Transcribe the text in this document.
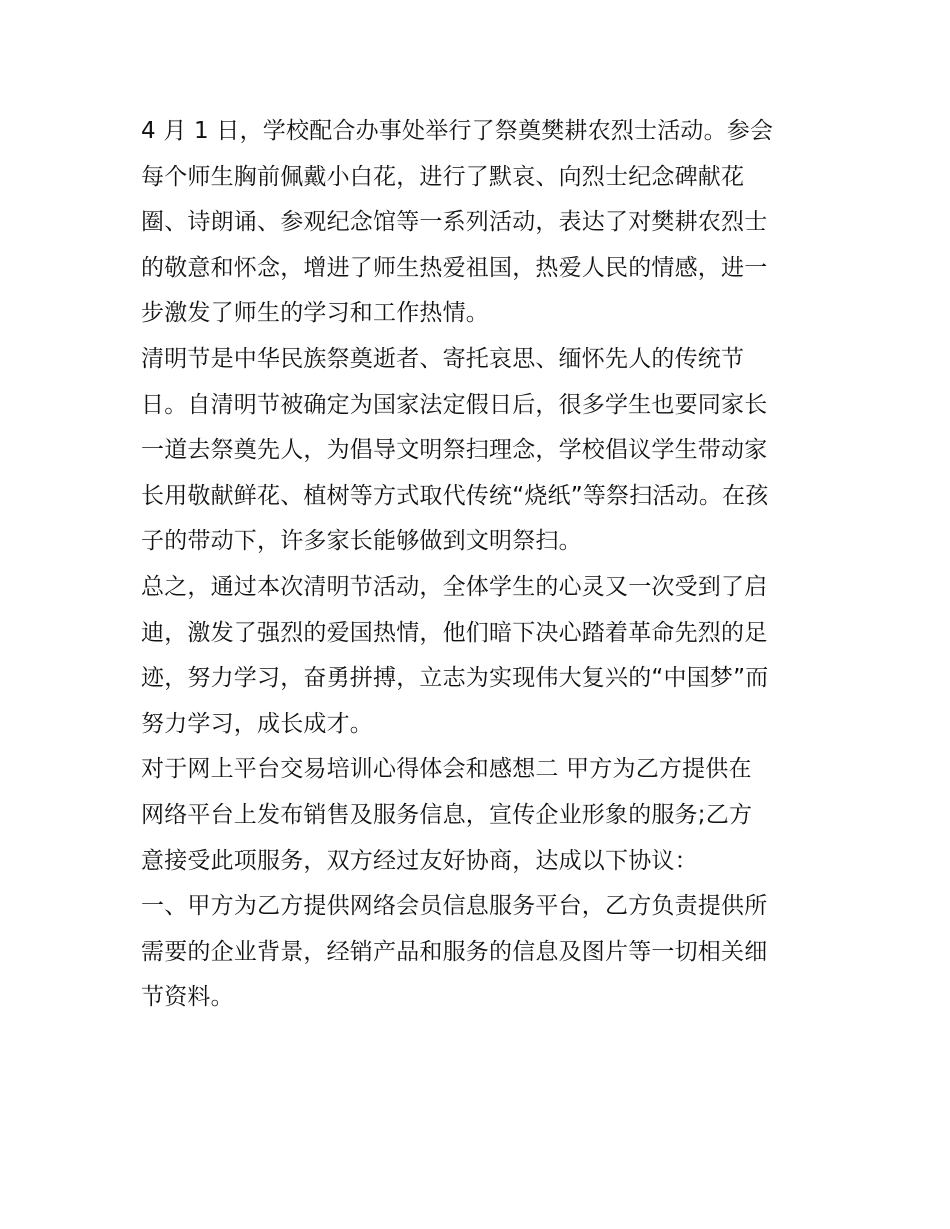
4 月 1 日，学校配合办事处举行了祭奠樊耕农烈士活动。参会
每个师生胸前佩戴小白花，进行了默哀、向烈士纪念碑献花
圈、诗朗诵、参观纪念馆等一系列活动，表达了对樊耕农烈士
的敬意和怀念，增进了师生热爱祖国，热爱人民的情感，进一
步激发了师生的学习和工作热情。
清明节是中华民族祭奠逝者、寄托哀思、缅怀先人的传统节
日。自清明节被确定为国家法定假日后，很多学生也要同家长
一道去祭奠先人，为倡导文明祭扫理念，学校倡议学生带动家
长用敬献鲜花、植树等方式取代传统“烧纸”等祭扫活动。在孩
子的带动下，许多家长能够做到文明祭扫。
总之，通过本次清明节活动，全体学生的心灵又一次受到了启
迪，激发了强烈的爱国热情，他们暗下决心踏着革命先烈的足
迹，努力学习，奋勇拼搏，立志为实现伟大复兴的“中国梦”而
努力学习，成长成才。
对于网上平台交易培训心得体会和感想二 甲方为乙方提供在
网络平台上发布销售及服务信息，宣传企业形象的服务;乙方
意接受此项服务，双方经过友好协商，达成以下协议：
一、甲方为乙方提供网络会员信息服务平台，乙方负责提供所
需要的企业背景，经销产品和服务的信息及图片等一切相关细
节资料。
